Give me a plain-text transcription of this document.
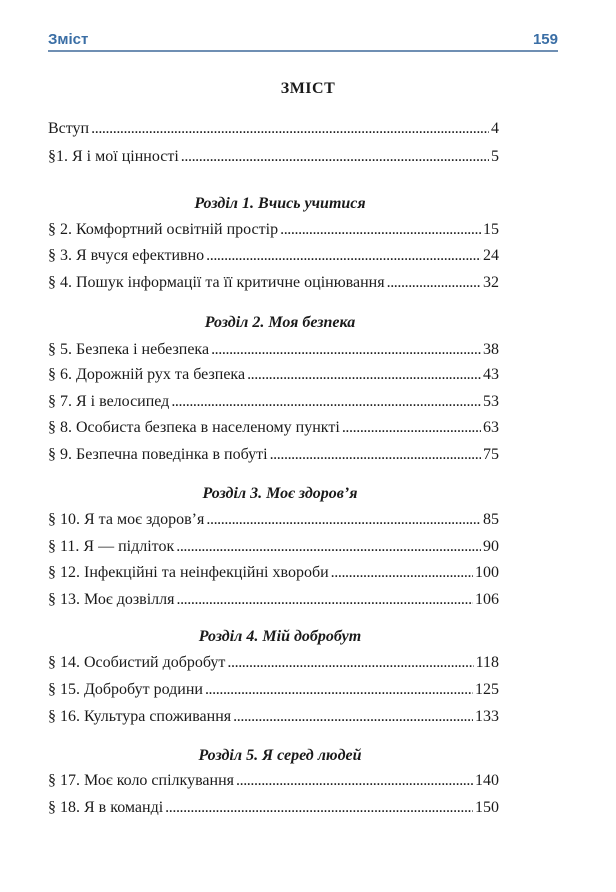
Зміст	159
ЗМІСТ
Вступ . . .	4
§1. Я і мої цінності . . .	5
Розділ 1. Вчись учитися
§ 2. Комфортний освітній простір . . .	15
§ 3. Я вчуся ефективно . . .	24
§ 4. Пошук інформації та її критичне оцінювання . . .	32
Розділ 2. Моя безпека
§ 5. Безпека і небезпека . . .	38
§ 6. Дорожній рух та безпека . . .	43
§ 7. Я і велосипед . . .	53
§ 8. Особиста безпека в населеному пункті . . .	63
§ 9. Безпечна поведінка в побуті . . .	75
Розділ 3. Моє здоров’я
§ 10. Я та моє здоров’я . . .	85
§ 11. Я — підліток . . .	90
§ 12. Інфекційні та неінфекційні хвороби . . .	100
§ 13. Моє дозвілля . . .	106
Розділ 4. Мій добробут
§ 14. Особистий добробут . . .	118
§ 15. Добробут родини . . .	125
§ 16. Культура споживання . . .	133
Розділ 5. Я серед людей
§ 17. Моє коло спілкування . . .	140
§ 18. Я в команді . . .	150
